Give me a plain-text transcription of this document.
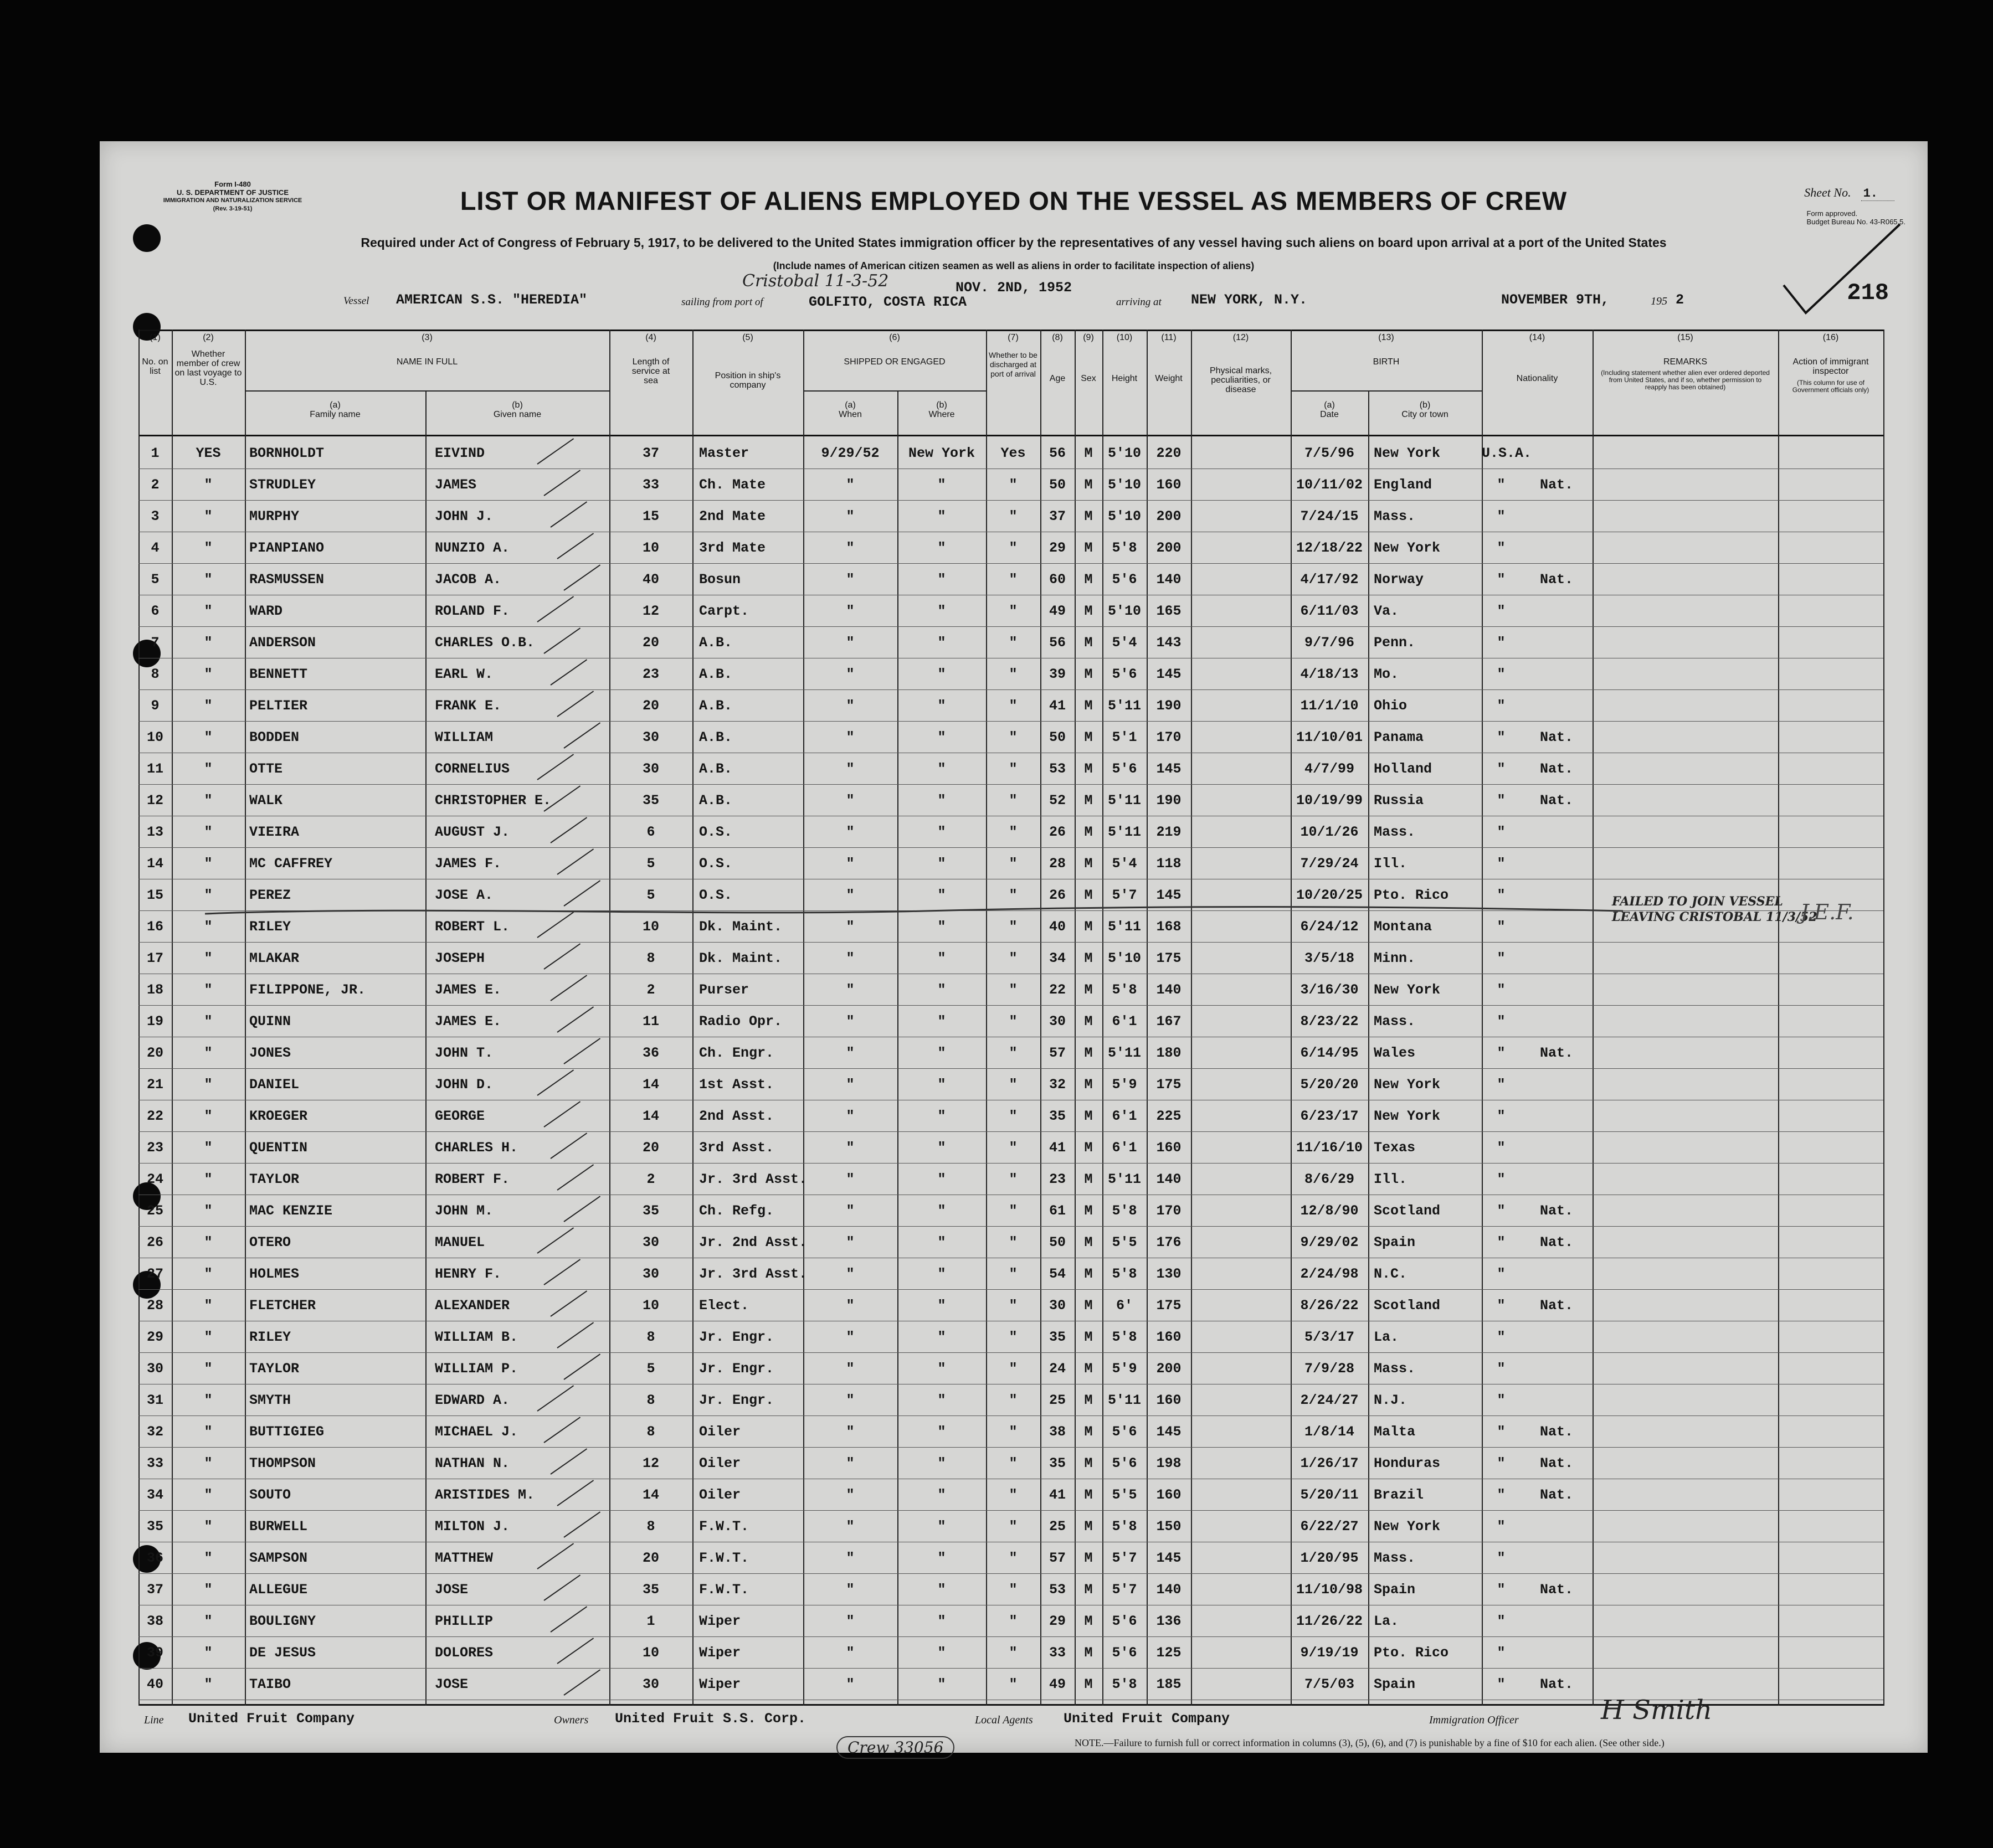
Form I-480
U. S. DEPARTMENT OF JUSTICE
IMMIGRATION AND NATURALIZATION SERVICE
(Rev. 3-19-51)	LIST OR MANIFEST OF ALIENS EMPLOYED ON THE VESSEL AS MEMBERS OF CREW
Required under Act of Congress of February 5, 1917, to be delivered to the United States immigration officer by the representatives of any vessel having such aliens on board upon arrival at a port of the United States
(Include names of American citizen seamen as well as aliens in order to facilitate inspection of aliens)
Sheet No. 1.
Form approved.
Budget Bureau No. 43-R065.5.
218
Vessel AMERICAN S.S. "HEREDIA"	sailing from port of
Cristobal 11-3-52	NOV. 2ND, 1952
GOLFITO, COSTA RICA	arriving at NEW YORK, N.Y.	NOVEMBER 9TH,	195 2
(1)
No. on list
(2)
Whether member of crew on last voyage to U.S.
(3)
NAME IN FULL
(a)
Family name
(b)
Given name
(4)
Length of service at sea
(5)
Position in ship's company
(6)
SHIPPED OR ENGAGED
(a)
When
(b)
Where
(7)
Whether to be discharged at port of arrival
(8)
Age
(9)
Sex
(10)
Height
(11)
Weight
(12)
Physical marks, peculiarities, or disease
(13)
BIRTH
(a)
Date
(b)
City or town
(14)
Nationality
(15)
REMARKS
(Including statement whether alien ever ordered deported from United States, and if so, whether permission to reapply has been obtained)
(16)
Action of immigrant inspector
(This column for use of Government officials only)
1	YES	BORNHOLDT	EIVIND	37	Master	9/29/52	New York	Yes	56	M	5'10	220	7/5/96	New York	U.S.A.
2	"	STRUDLEY	JAMES	33	Ch. Mate	"	"	"	50	M	5'10	160	10/11/02 England	"	Nat.
3	"	MURPHY	JOHN J.	15	2nd Mate	"	"	"	37	M	5'10	200	7/24/15	Mass.	"
4	"	PIANPIANO	NUNZIO A.	10	3rd Mate	"	"	"	29	M	5'8	200	12/18/22 New York	"
5	"	RASMUSSEN	JACOB A.	40	Bosun	"	"	"	60	M	5'6	140	4/17/92	Norway	"	Nat.
6	"	WARD	ROLAND F.	12	Carpt.	"	"	"	49	M	5'10	165	6/11/03	Va.	"
7	"	ANDERSON	CHARLES O.B.	20	A.B.	"	"	"	56	M	5'4	143	9/7/96	Penn.	"
8	"	BENNETT	EARL W.	23	A.B.	"	"	"	39	M	5'6	145	4/18/13	Mo.	"
9	"	PELTIER	FRANK E.	20	A.B.	"	"	"	41	M	5'11	190	11/1/10	Ohio	"
10	"	BODDEN	WILLIAM	30	A.B.	"	"	"	50	M	5'1	170	11/10/01 Panama	"	Nat.
11	"	OTTE	CORNELIUS	30	A.B.	"	"	"	53	M	5'6	145	4/7/99	Holland	"	Nat.
12	"	WALK	CHRISTOPHER E.	35	A.B.	"	"	"	52	M	5'11	190	10/19/99 Russia	"	Nat.
13	"	VIEIRA	AUGUST J.	6	O.S.	"	"	"	26	M	5'11	219	10/1/26	Mass.	"
14	"	MC CAFFREY	JAMES F.	5	O.S.	"	"	"	28	M	5'4	118	7/29/24	Ill.	"
15	"	PEREZ	JOSE A.	5	O.S.	"	"	"	26	M	5'7	145	10/20/25 Pto. Rico	"
16	"	RILEY	ROBERT L.	10	Dk. Maint.	"	"	"	40	M	5'11	168	6/24/12	Montana	"
17	"	MLAKAR	JOSEPH	8	Dk. Maint.	"	"	"	34	M	5'10	175	3/5/18	Minn.	"
18	"	FILIPPONE, JR.	JAMES E.	2	Purser	"	"	"	22	M	5'8	140	3/16/30	New York	"
19	"	QUINN	JAMES E.	11	Radio Opr.	"	"	"	30	M	6'1	167	8/23/22	Mass.	"
20	"	JONES	JOHN T.	36	Ch. Engr.	"	"	"	57	M	5'11	180	6/14/95	Wales	"	Nat.
21	"	DANIEL	JOHN D.	14	1st Asst.	"	"	"	32	M	5'9	175	5/20/20	New York	"
22	"	KROEGER	GEORGE	14	2nd Asst.	"	"	"	35	M	6'1	225	6/23/17	New York	"
23	"	QUENTIN	CHARLES H.	20	3rd Asst.	"	"	"	41	M	6'1	160	11/16/10 Texas	"
24	"	TAYLOR	ROBERT F.	2	Jr. 3rd Asst.	"	"	"	23	M	5'11	140	8/6/29	Ill.	"
25	"	MAC KENZIE	JOHN M.	35	Ch. Refg.	"	"	"	61	M	5'8	170	12/8/90	Scotland	"	Nat.
26	"	OTERO	MANUEL	30	Jr. 2nd Asst.	"	"	"	50	M	5'5	176	9/29/02	Spain	"	Nat.
27	"	HOLMES	HENRY F.	30	Jr. 3rd Asst.	"	"	"	54	M	5'8	130	2/24/98	N.C.	"
28	"	FLETCHER	ALEXANDER	10	Elect.	"	"	"	30	M	6'	175	8/26/22	Scotland	"	Nat.
29	"	RILEY	WILLIAM B.	8	Jr. Engr.	"	"	"	35	M	5'8	160	5/3/17	La.	"
30	"	TAYLOR	WILLIAM P.	5	Jr. Engr.	"	"	"	24	M	5'9	200	7/9/28	Mass.	"
31	"	SMYTH	EDWARD A.	8	Jr. Engr.	"	"	"	25	M	5'11	160	2/24/27	N.J.	"
32	"	BUTTIGIEG	MICHAEL J.	8	Oiler	"	"	"	38	M	5'6	145	1/8/14	Malta	"	Nat.
33	"	THOMPSON	NATHAN N.	12	Oiler	"	"	"	35	M	5'6	198	1/26/17	Honduras	"	Nat.
34	"	SOUTO	ARISTIDES M.	14	Oiler	"	"	"	41	M	5'5	160	5/20/11	Brazil	"	Nat.
35	"	BURWELL	MILTON J.	8	F.W.T.	"	"	"	25	M	5'8	150	6/22/27	New York	"
36	"	SAMPSON	MATTHEW	20	F.W.T.	"	"	"	57	M	5'7	145	1/20/95	Mass.	"
37	"	ALLEGUE	JOSE	35	F.W.T.	"	"	"	53	M	5'7	140	11/10/98 Spain	"	Nat.
38	"	BOULIGNY	PHILLIP	1	Wiper	"	"	"	29	M	5'6	136	11/26/22 La.	"
39	"	DE JESUS	DOLORES	10	Wiper	"	"	"	33	M	5'6	125	9/19/19	Pto. Rico	"
40	"	TAIBO	JOSE	30	Wiper	"	"	"	49	M	5'8	185	7/5/03	Spain	"	Nat.
FAILED TO JOIN VESSEL
LEAVING CRISTOBAL 11/3/52
J.E.F.
Line United Fruit Company	Owners United Fruit S.S. Corp.
Crew 33056
Local Agents United Fruit Company	Immigration Officer	H Smith
NOTE.—Failure to furnish full or correct information in columns (3), (5), (6), and (7) is punishable by a fine of $10 for each alien. (See other side.)
